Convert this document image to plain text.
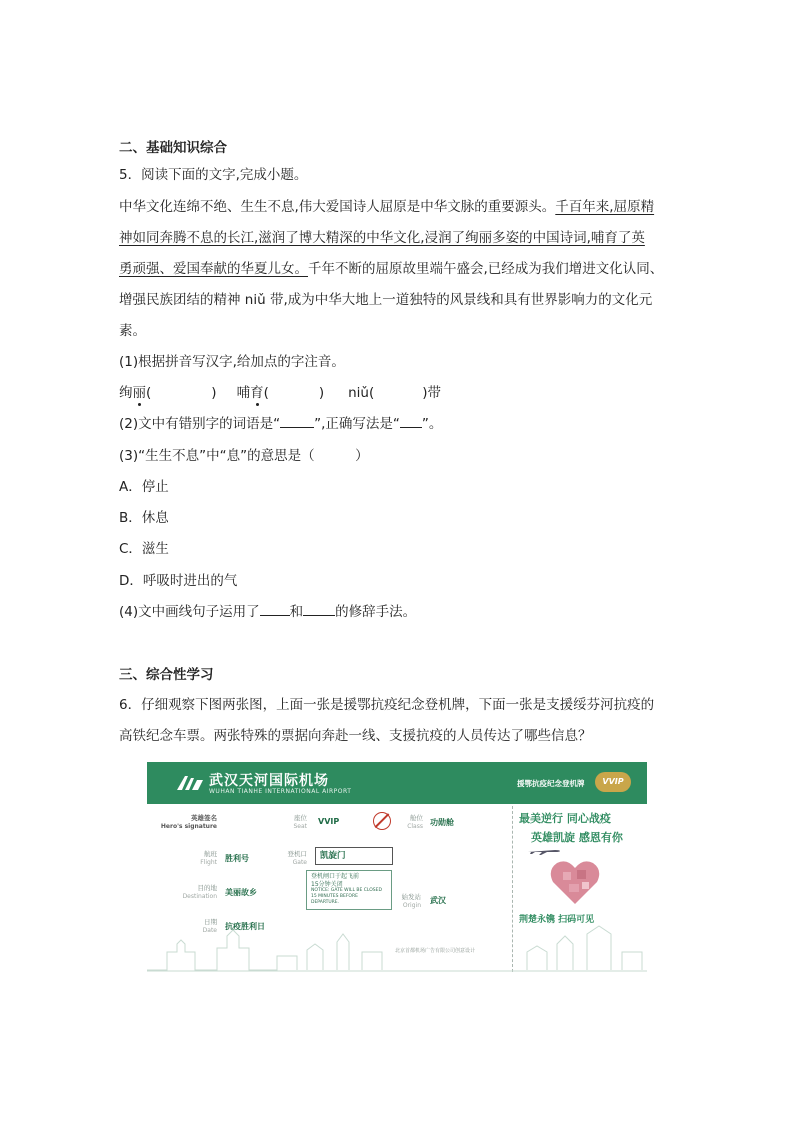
二、基础知识综合
5．阅读下面的文字,完成小题。
中华文化连绵不绝、生生不息,伟大爱国诗人屈原是中华文脉的重要源头。千百年来,屈原精
神如同奔腾不息的长江,滋润了博大精深的中华文化,浸润了绚丽多姿的中国诗词,哺育了英
勇顽强、爱国奉献的华夏儿女。千年不断的屈原故里端午盛会,已经成为我们增进文化认同、
增强民族团结的精神 niǔ 带,成为中华大地上一道独特的风景线和具有世界影响力的文化元
素。
(1)根据拼音写汉字,给加点的字注音。
绚丽(	) 哺育(	) niǔ(	)带
(2)文中有错别字的词语是“	”,正确写法是“ ”。
(3)“生生不息”中“息”的意思是（　　　）
A．停止
B．休息
C．滋生
D．呼吸时进出的气
(4)文中画线句子运用了 和 的修辞手法。
三、综合性学习
6．仔细观察下图两张图，上面一张是援鄂抗疫纪念登机牌，下面一张是支援绥芬河抗疫的
高铁纪念车票。两张特殊的票据向奔赴一线、支援抗疫的人员传达了哪些信息？
武汉天河国际机场
WUHAN TIANHE INTERNATIONAL AIRPORT
援鄂抗疫纪念登机牌	VVIP
英雄签名
Hero's signature
座位
Seat
VVIP	舱位
Class 功勋舱
航班
Flight 胜利号	登机口
Gate
凯旋门
登机闸口于起飞前
15分钟关闭
NOTICE: GATE WILL BE CLOSED
15 MINUTES BEFORE DEPARTURE.
目的地
Destination 美丽故乡	始发站
Origin
武汉
日期
Date 抗疫胜利日
最美逆行 同心战疫
英雄凯旋 感恩有你
荆楚永镌 扫码可见
北京首都机场广告有限公司创意设计
